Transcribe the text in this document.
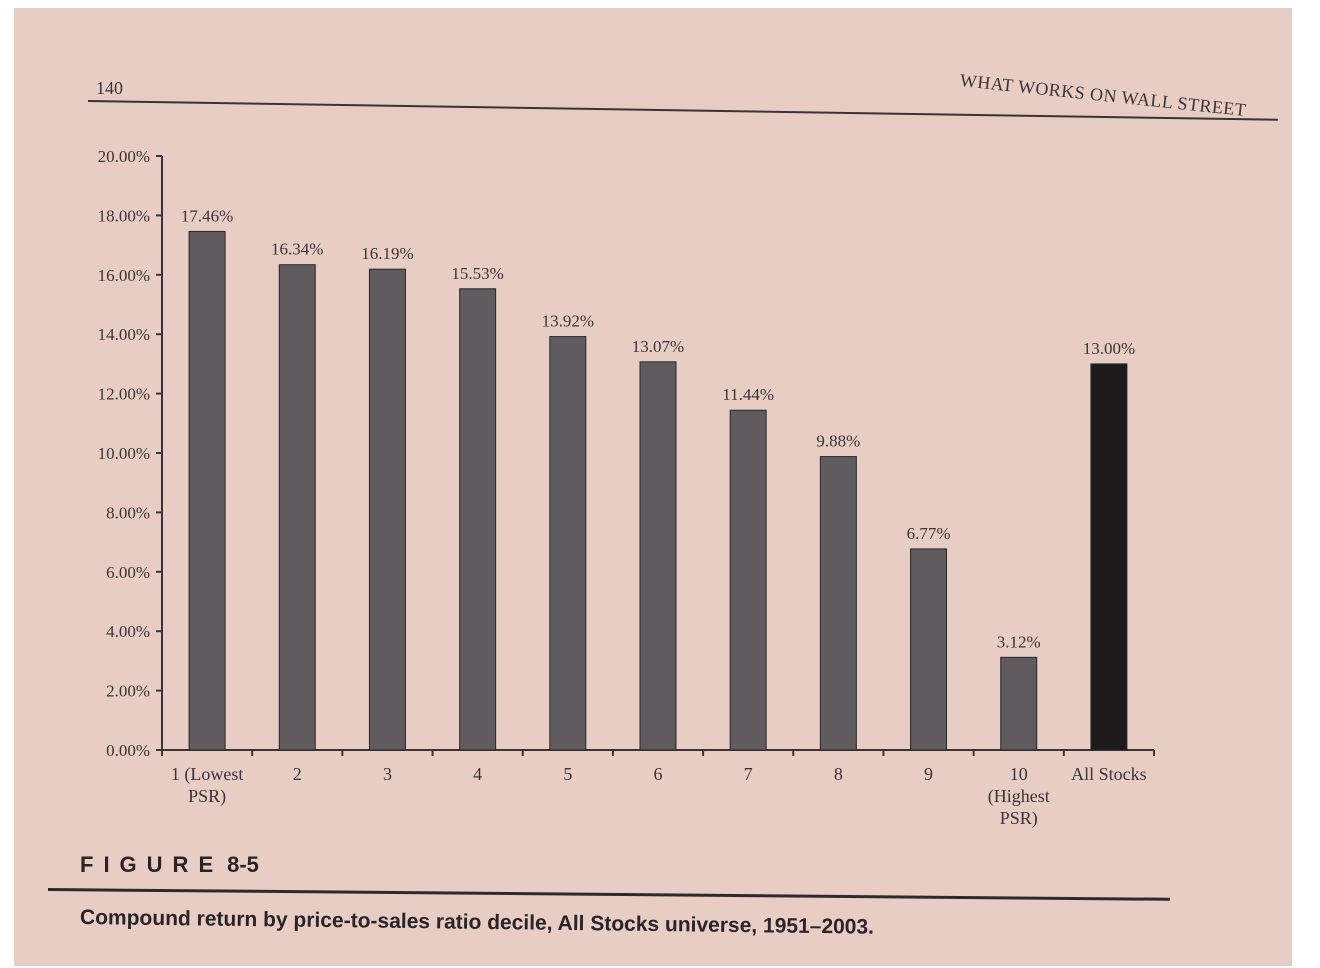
140	WHAT WORKS ON WALL STREET
0.00%
2.00%
4.00%
6.00%
8.00%
10.00%
12.00%
14.00%
16.00%
18.00%
20.00%
17.46%
1 (Lowest
PSR)
16.34%
2
16.19%
3
15.53%
4
13.92%
5
13.07%
6
11.44%
7
9.88%
8
6.77%
9
3.12%
10
(Highest
PSR)
13.00%
All Stocks
FIGURE 8-5
Compound return by price-to-sales ratio decile, All Stocks universe, 1951–2003.
